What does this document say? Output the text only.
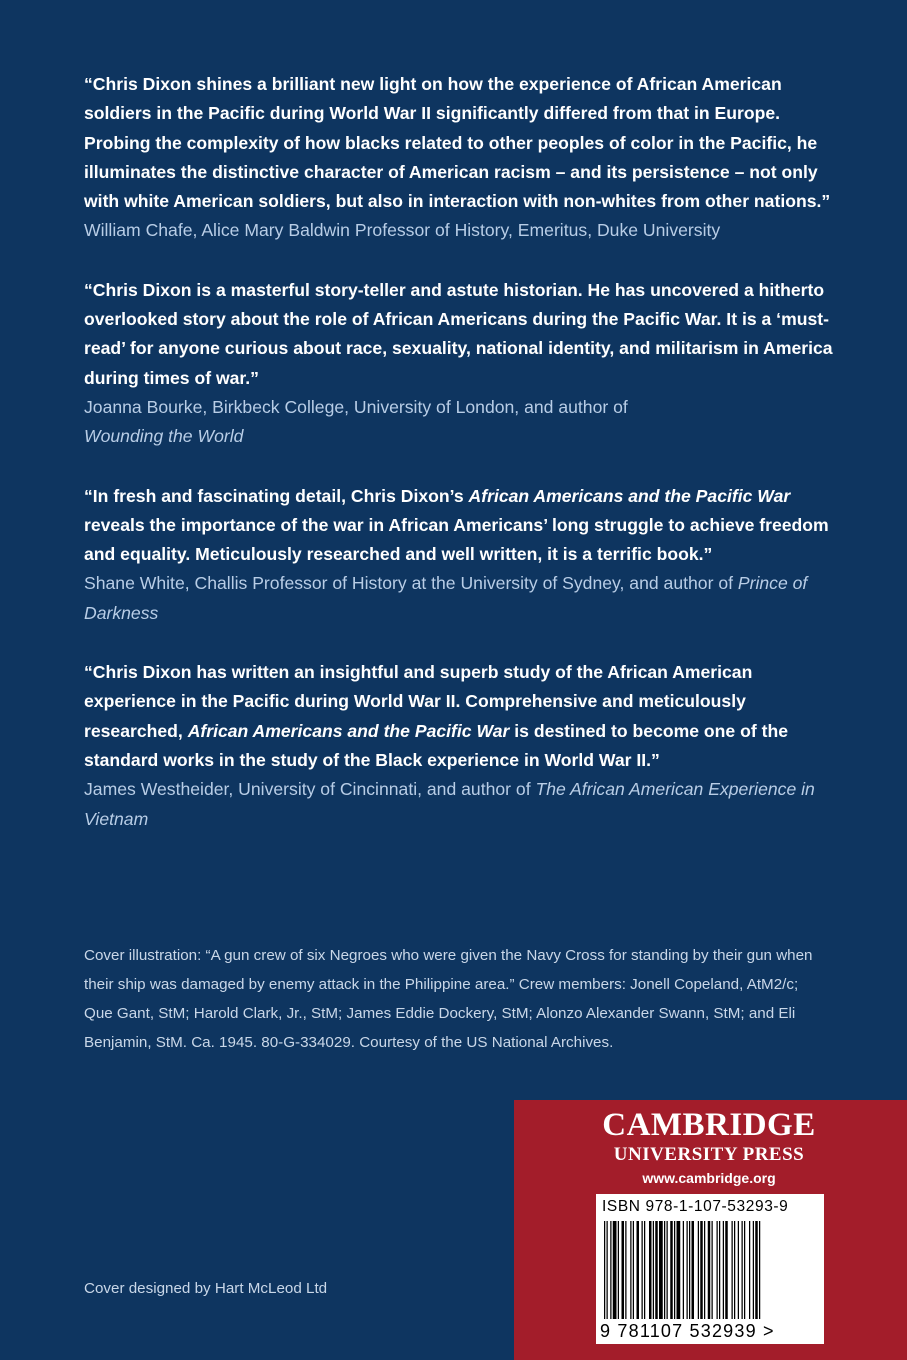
“Chris Dixon shines a brilliant new light on how the experience of African American soldiers in the Pacific during World War II significantly differed from that in Europe. Probing the complexity of how blacks related to other peoples of color in the Pacific, he illuminates the distinctive character of American racism – and its persistence – not only with white American soldiers, but also in interaction with non-whites from other nations.”

William Chafe, Alice Mary Baldwin Professor of History, Emeritus, Duke University

“Chris Dixon is a masterful story-teller and astute historian. He has uncovered a hitherto overlooked story about the role of African Americans during the Pacific War. It is a ‘must-read’ for anyone curious about race, sexuality, national identity, and militarism in America during times of war.”

Joanna Bourke, Birkbeck College, University of London, and author of
Wounding the World

“In fresh and fascinating detail, Chris Dixon’s African Americans and the Pacific War reveals the importance of the war in African Americans’ long struggle to achieve freedom and equality. Meticulously researched and well written, it is a terrific book.”

Shane White, Challis Professor of History at the University of Sydney, and author of Prince of Darkness

“Chris Dixon has written an insightful and superb study of the African American experience in the Pacific during World War II. Comprehensive and meticulously researched, African Americans and the Pacific War is destined to become one of the standard works in the study of the Black experience in World War II.”

James Westheider, University of Cincinnati, and author of The African American Experience in Vietnam

Cover illustration: “A gun crew of six Negroes who were given the Navy Cross for standing by their gun when their ship was damaged by enemy attack in the Philippine area.” Crew members: Jonell Copeland, AtM2/c; Que Gant, StM; Harold Clark, Jr., StM; James Eddie Dockery, StM; Alonzo Alexander Swann, StM; and Eli Benjamin, StM. Ca. 1945. 80-G-334029. Courtesy of the US National Archives.

Cover designed by Hart McLeod Ltd

CAMBRIDGE
UNIVERSITY PRESS
www.cambridge.org
ISBN 978-1-107-53293-9
9 781107 532939 >
